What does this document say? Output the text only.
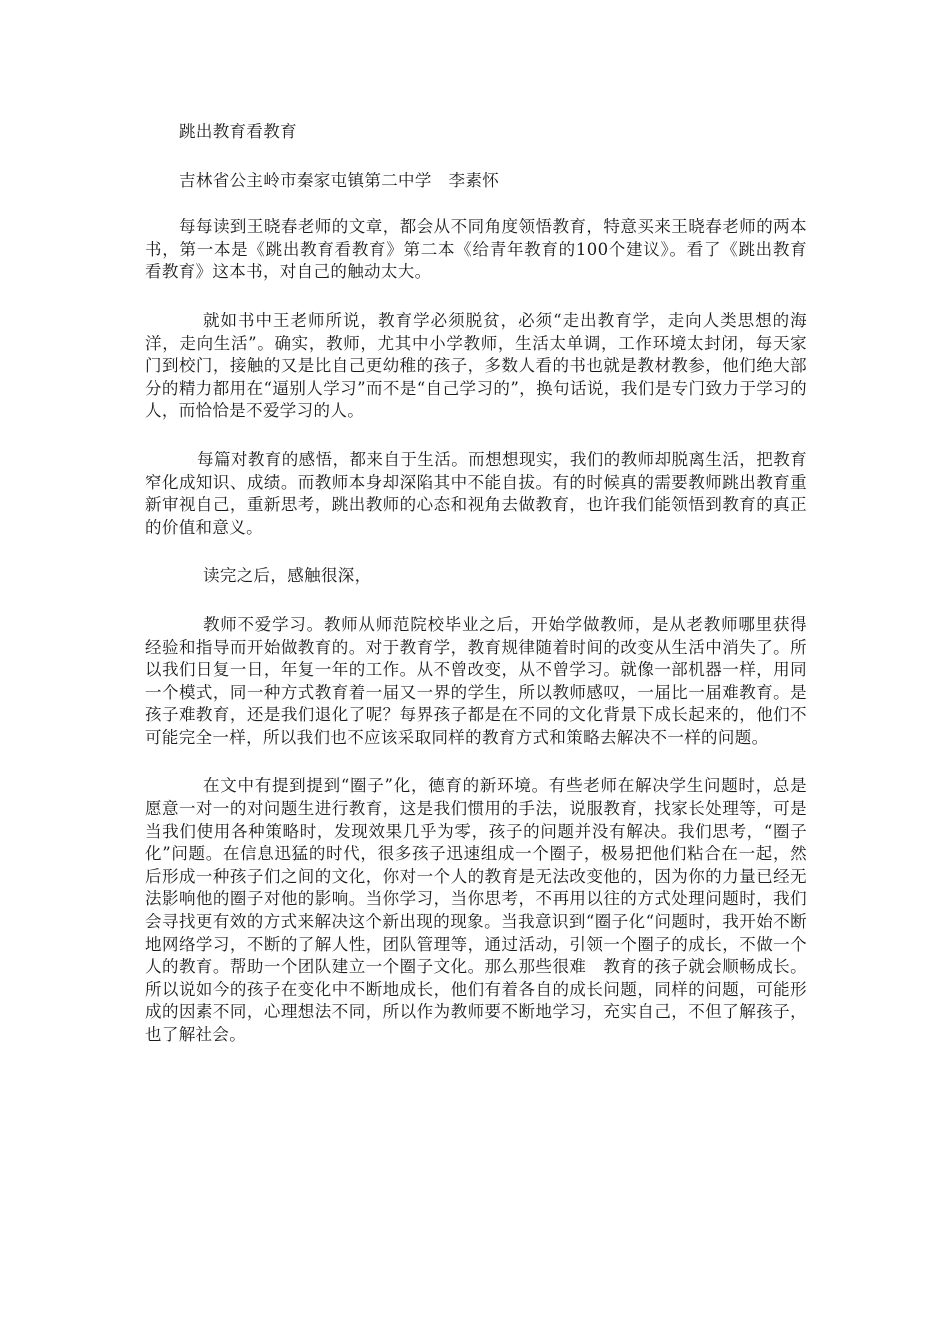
跳出教育看教育

吉林省公主岭市秦家屯镇第二中学　李素怀

每每读到王晓春老师的文章，都会从不同角度领悟教育，特意买来王晓春老师的两本书，第一本是《跳出教育看教育》第二本《给青年教育的100个建议》。看了《跳出教育看教育》这本书，对自己的触动太大。

就如书中王老师所说，教育学必须脱贫，必须“走出教育学，走向人类思想的海洋，走向生活”。确实，教师，尤其中小学教师，生活太单调，工作环境太封闭，每天家门到校门，接触的又是比自己更幼稚的孩子，多数人看的书也就是教材教参，他们绝大部分的精力都用在“逼别人学习”而不是“自己学习的”，换句话说，我们是专门致力于学习的人，而恰恰是不爱学习的人。

每篇对教育的感悟，都来自于生活。而想想现实，我们的教师却脱离生活，把教育窄化成知识、成绩。而教师本身却深陷其中不能自拔。有的时候真的需要教师跳出教育重新审视自己，重新思考，跳出教师的心态和视角去做教育，也许我们能领悟到教育的真正的价值和意义。

读完之后，感触很深，

教师不爱学习。教师从师范院校毕业之后，开始学做教师，是从老教师哪里获得经验和指导而开始做教育的。对于教育学，教育规律随着时间的改变从生活中消失了。所以我们日复一日，年复一年的工作。从不曾改变，从不曾学习。就像一部机器一样，用同一个模式，同一种方式教育着一届又一界的学生，所以教师感叹，一届比一届难教育。是孩子难教育，还是我们退化了呢？每界孩子都是在不同的文化背景下成长起来的，他们不可能完全一样，所以我们也不应该采取同样的教育方式和策略去解决不一样的问题。

在文中有提到提到“圈子”化，德育的新环境。有些老师在解决学生问题时，总是愿意一对一的对问题生进行教育，这是我们惯用的手法，说服教育，找家长处理等，可是当我们使用各种策略时，发现效果几乎为零，孩子的问题并没有解决。我们思考，“圈子化”问题。在信息迅猛的时代，很多孩子迅速组成一个圈子，极易把他们粘合在一起，然后形成一种孩子们之间的文化，你对一个人的教育是无法改变他的，因为你的力量已经无法影响他的圈子对他的影响。当你学习，当你思考，不再用以往的方式处理问题时，我们会寻找更有效的方式来解决这个新出现的现象。当我意识到“圈子化“问题时，我开始不断地网络学习，不断的了解人性，团队管理等，通过活动，引领一个圈子的成长，不做一个人的教育。帮助一个团队建立一个圈子文化。那么那些很难　教育的孩子就会顺畅成长。所以说如今的孩子在变化中不断地成长，他们有着各自的成长问题，同样的问题，可能形成的因素不同，心理想法不同，所以作为教师要不断地学习，充实自己，不但了解孩子，也了解社会。
